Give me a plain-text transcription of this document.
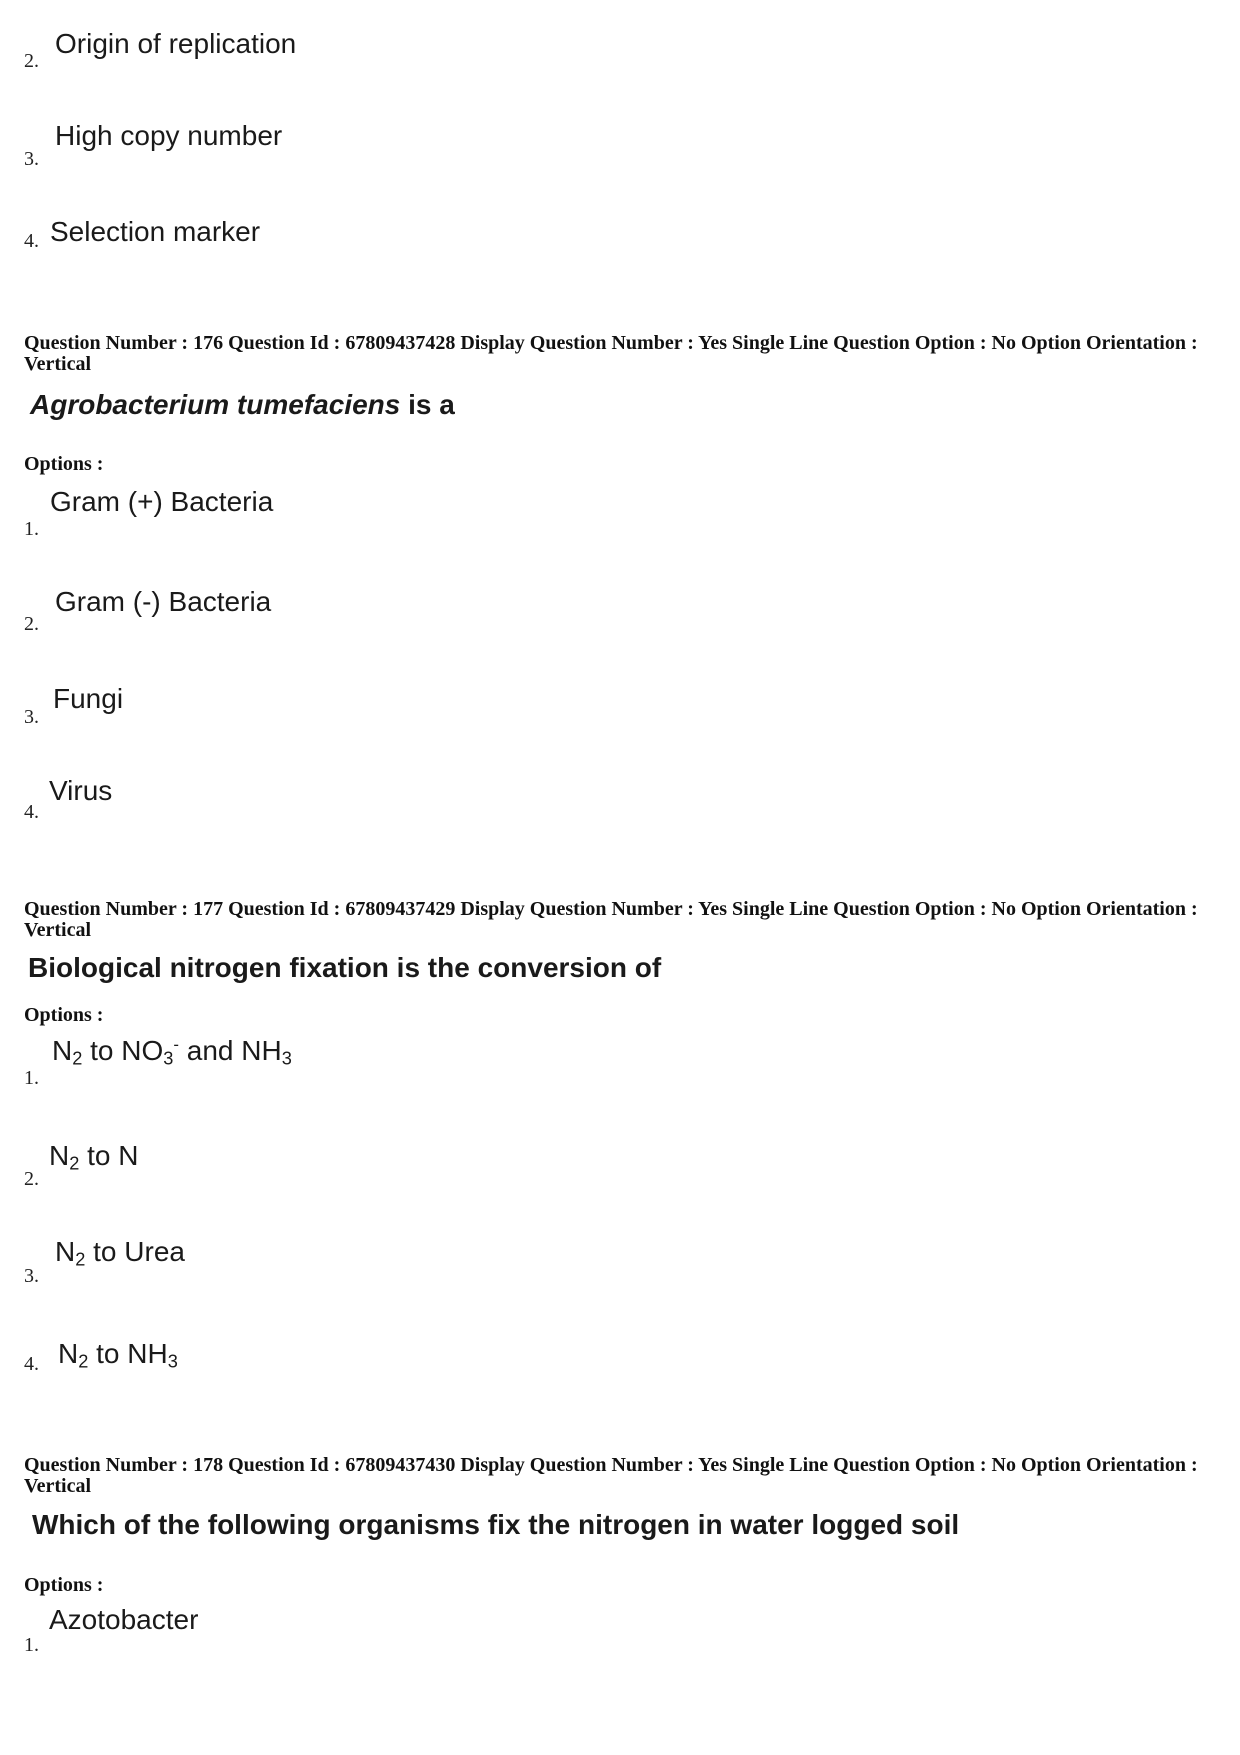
2.
Origin of replication
3.
High copy number
4. Selection marker
Question Number : 176 Question Id : 67809437428 Display Question Number : Yes Single Line Question Option : No Option Orientation : Vertical
Agrobacterium tumefaciens is a
Options :
1.
Gram (+) Bacteria
2.
Gram (-) Bacteria
3.
Fungi
4.
Virus
Question Number : 177 Question Id : 67809437429 Display Question Number : Yes Single Line Question Option : No Option Orientation : Vertical
Biological nitrogen fixation is the conversion of
Options :
1.
$N_2$ to $NO_3^-$ and $NH_3$
2.
$N_2$ to N
3.
$N_2$ to Urea
4. $N_2$ to $NH_3$
Question Number : 178 Question Id : 67809437430 Display Question Number : Yes Single Line Question Option : No Option Orientation : Vertical
Which of the following organisms fix the nitrogen in water logged soil
Options :
1.
Azotobacter
